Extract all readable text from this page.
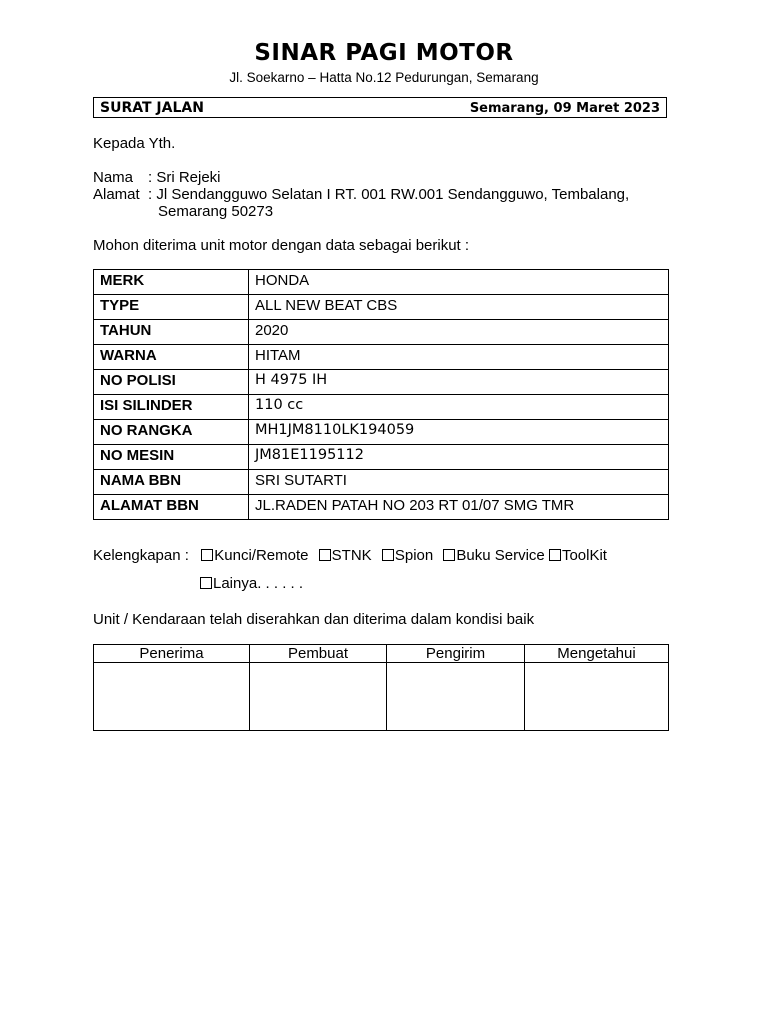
SINAR PAGI MOTOR
Jl. Soekarno – Hatta No.12 Pedurungan, Semarang
SURAT JALAN	Semarang, 09 Maret 2023
Kepada Yth.
Nama : Sri Rejeki
Alamat : Jl Sendangguwo Selatan I RT. 001 RW.001 Sendangguwo, Tembalang,
Semarang 50273
Mohon diterima unit motor dengan data sebagai berikut :
MERK	HONDA
TYPE	ALL NEW BEAT CBS
TAHUN	2020
WARNA	HITAM
NO POLISI	H 4975 IH
ISI SILINDER	110 cc
NO RANGKA	MH1JM8110LK194059
NO MESIN	JM81E1195112
NAMA BBN	SRI SUTARTI
ALAMAT BBN	JL.RADEN PATAH NO 203 RT 01/07 SMG TMR
Kelengkapan : Kunci/Remote STNK Spion Buku Service ToolKit
Lainya. . . . . .
Unit / Kendaraan telah diserahkan dan diterima dalam kondisi baik
Penerima	Pembuat	Pengirim	Mengetahui
